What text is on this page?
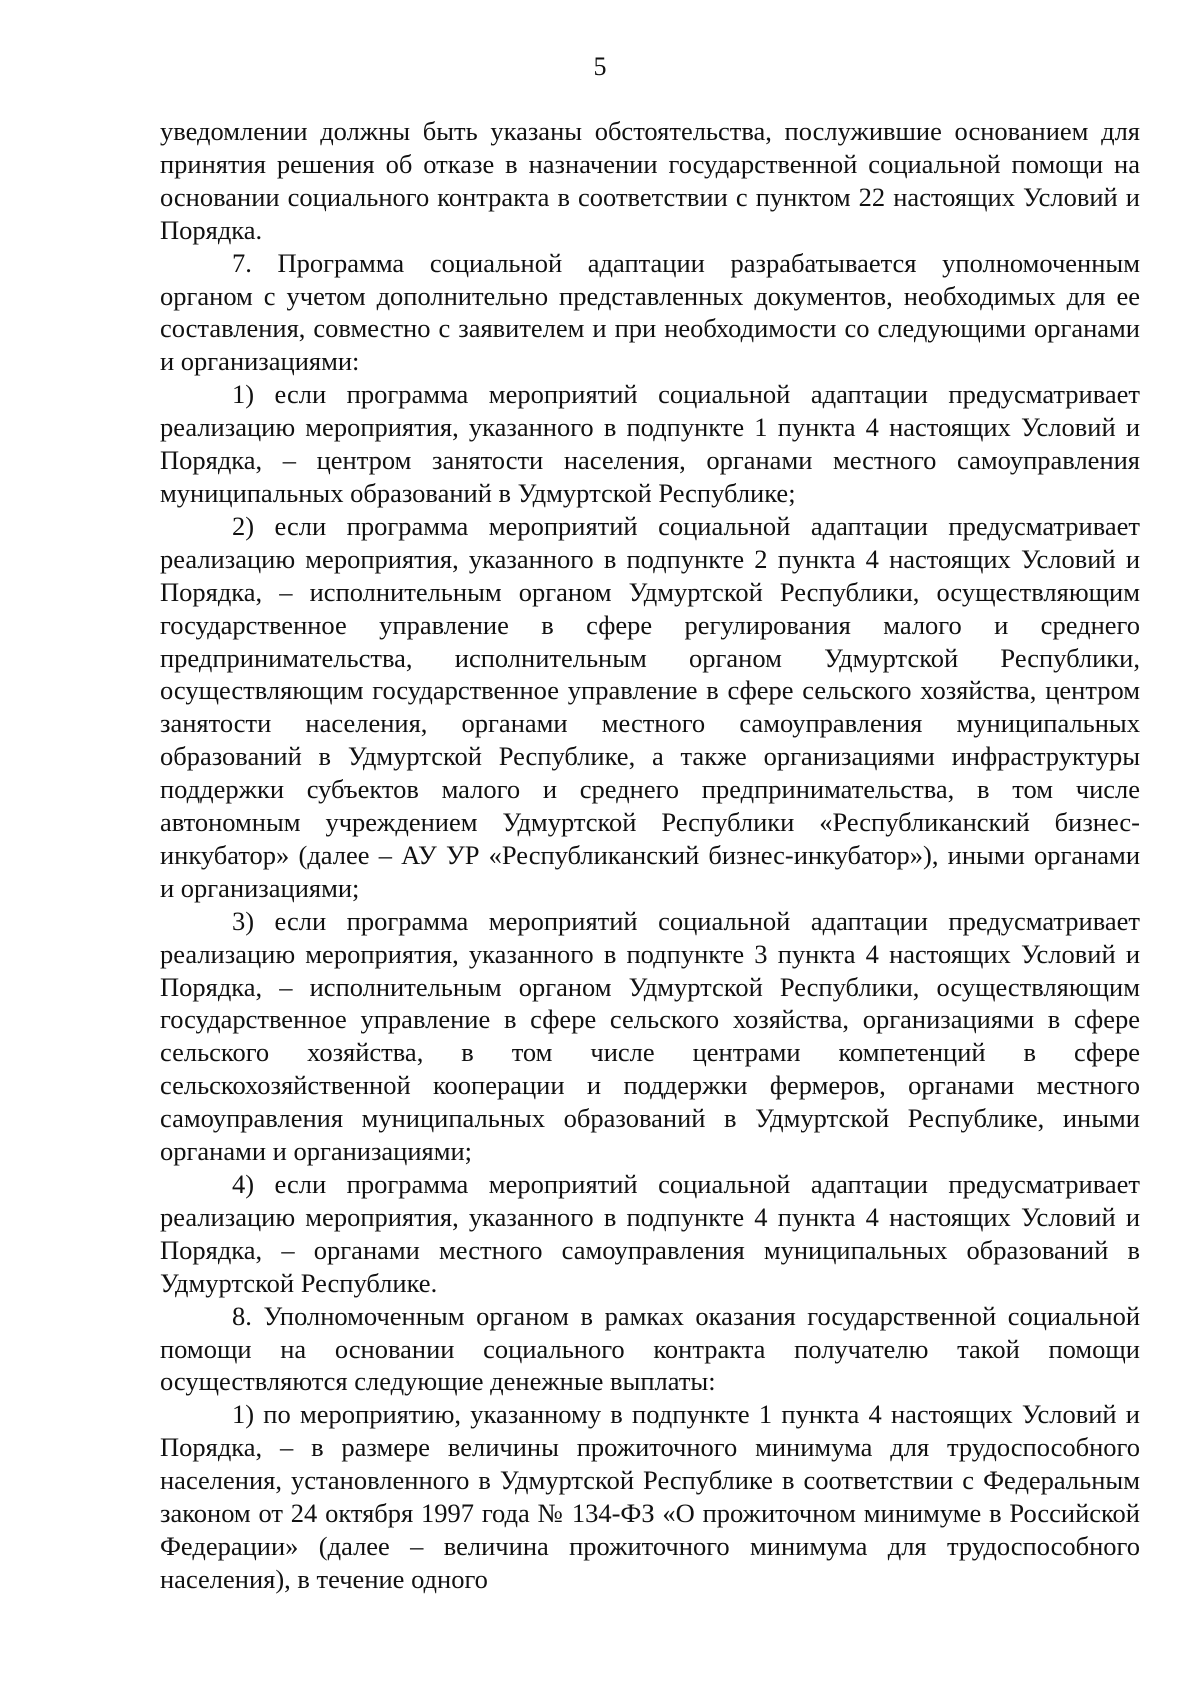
5

уведомлении должны быть указаны обстоятельства, послужившие основанием для принятия решения об отказе в назначении государственной социальной помощи на основании социального контракта в соответствии с пунктом 22 настоящих Условий и Порядка.

7. Программа социальной адаптации разрабатывается уполномоченным органом с учетом дополнительно представленных документов, необходимых для ее составления, совместно с заявителем и при необходимости со следующими органами и организациями:

1) если программа мероприятий социальной адаптации предусматривает реализацию мероприятия, указанного в подпункте 1 пункта 4 настоящих Условий и Порядка, – центром занятости населения, органами местного самоуправления муниципальных образований в Удмуртской Республике;

2) если программа мероприятий социальной адаптации предусматривает реализацию мероприятия, указанного в подпункте 2 пункта 4 настоящих Условий и Порядка, – исполнительным органом Удмуртской Республики, осуществляющим государственное управление в сфере регулирования малого и среднего предпринимательства, исполнительным органом Удмуртской Республики, осуществляющим государственное управление в сфере сельского хозяйства, центром занятости населения, органами местного самоуправления муниципальных образований в Удмуртской Республике, а также организациями инфраструктуры поддержки субъектов малого и среднего предпринимательства, в том числе автономным учреждением Удмуртской Республики «Республиканский бизнес-инкубатор» (далее – АУ УР «Республиканский бизнес-инкубатор»), иными органами и организациями;

3) если программа мероприятий социальной адаптации предусматривает реализацию мероприятия, указанного в подпункте 3 пункта 4 настоящих Условий и Порядка, – исполнительным органом Удмуртской Республики, осуществляющим государственное управление в сфере сельского хозяйства, организациями в сфере сельского хозяйства, в том числе центрами компетенций в сфере сельскохозяйственной кооперации и поддержки фермеров, органами местного самоуправления муниципальных образований в Удмуртской Республике, иными органами и организациями;

4) если программа мероприятий социальной адаптации предусматривает реализацию мероприятия, указанного в подпункте 4 пункта 4 настоящих Условий и Порядка, – органами местного самоуправления муниципальных образований в Удмуртской Республике.

8. Уполномоченным органом в рамках оказания государственной социальной помощи на основании социального контракта получателю такой помощи осуществляются следующие денежные выплаты:

1) по мероприятию, указанному в подпункте 1 пункта 4 настоящих Условий и Порядка, – в размере величины прожиточного минимума для трудоспособного населения, установленного в Удмуртской Республике в соответствии с Федеральным законом от 24 октября 1997 года № 134-ФЗ «О прожиточном минимуме в Российской Федерации» (далее – величина прожиточного минимума для трудоспособного населения), в течение одного
